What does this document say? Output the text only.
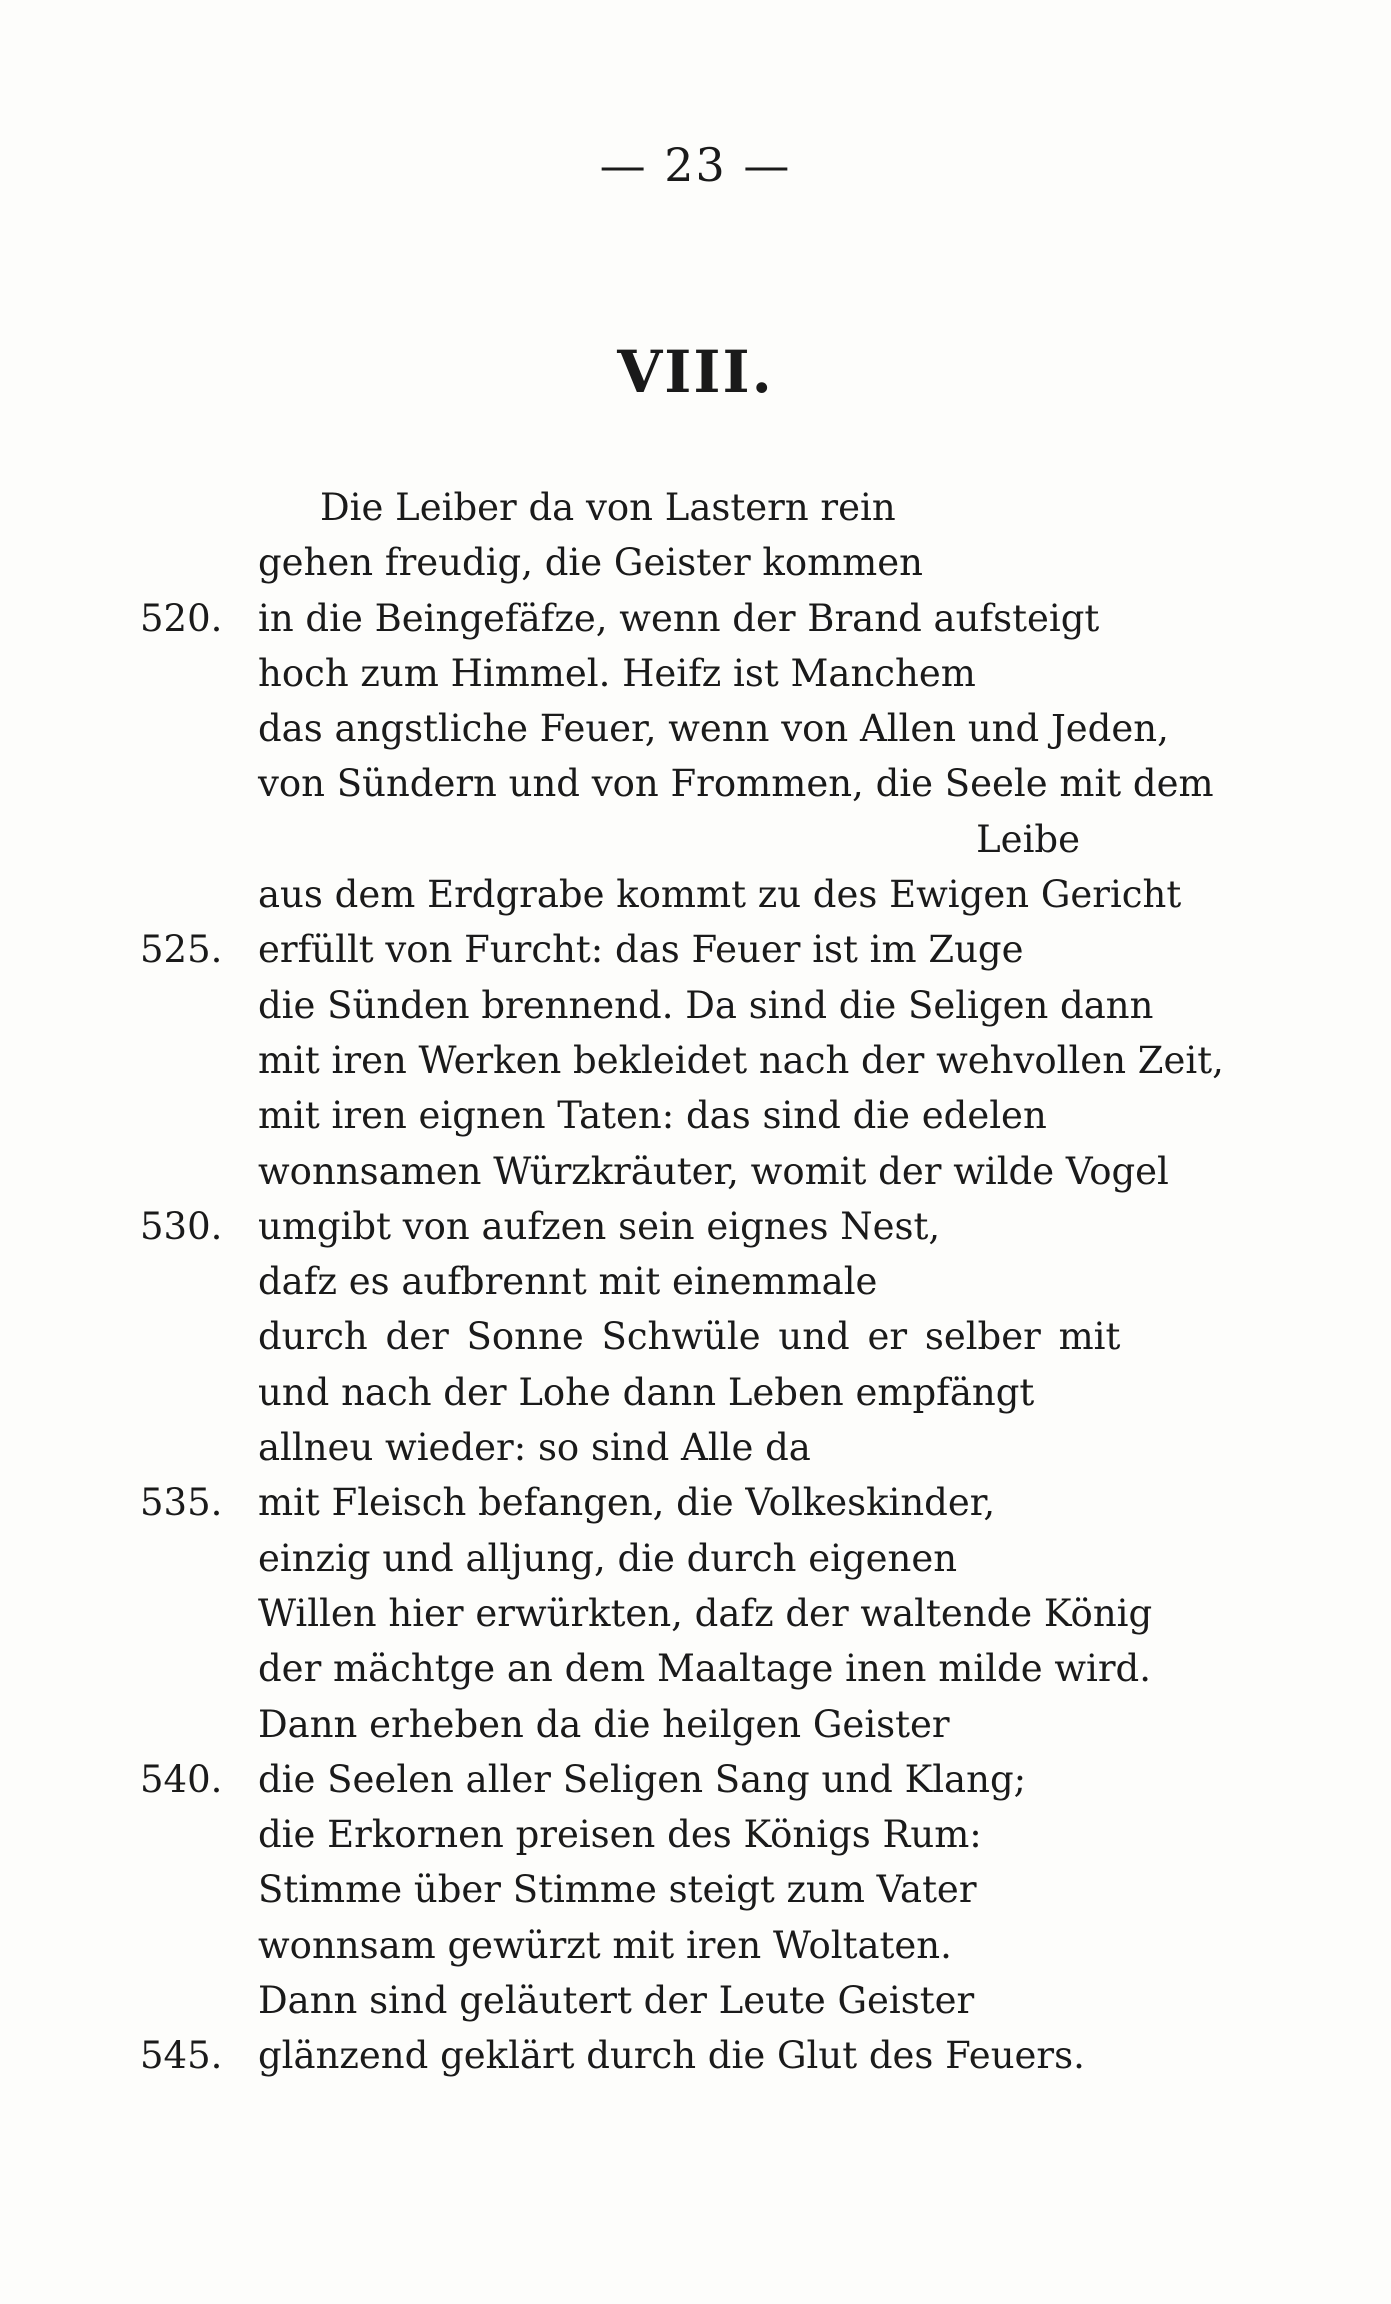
— 23 —
VIII.
Die Leiber da von Lastern rein
gehen freudig, die Geister kommen
520. in die Beingefäfze, wenn der Brand aufsteigt
hoch zum Himmel. Heifz ist Manchem
das angstliche Feuer, wenn von Allen und Jeden,
von Sündern und von Frommen, die Seele mit dem
Leibe
aus dem Erdgrabe kommt zu des Ewigen Gericht
525. erfüllt von Furcht: das Feuer ist im Zuge
die Sünden brennend. Da sind die Seligen dann
mit iren Werken bekleidet nach der wehvollen Zeit,
mit iren eignen Taten: das sind die edelen
wonnsamen Würzkräuter, womit der wilde Vogel
530. umgibt von aufzen sein eignes Nest,
dafz es aufbrennt mit einemmale
durch der Sonne Schwüle und er selber mit
und nach der Lohe dann Leben empfängt
allneu wieder: so sind Alle da
535. mit Fleisch befangen, die Volkeskinder,
einzig und alljung, die durch eigenen
Willen hier erwürkten, dafz der waltende König
der mächtge an dem Maaltage inen milde wird.
Dann erheben da die heilgen Geister
540. die Seelen aller Seligen Sang und Klang;
die Erkornen preisen des Königs Rum:
Stimme über Stimme steigt zum Vater
wonnsam gewürzt mit iren Woltaten.
Dann sind geläutert der Leute Geister
545. glänzend geklärt durch die Glut des Feuers.
